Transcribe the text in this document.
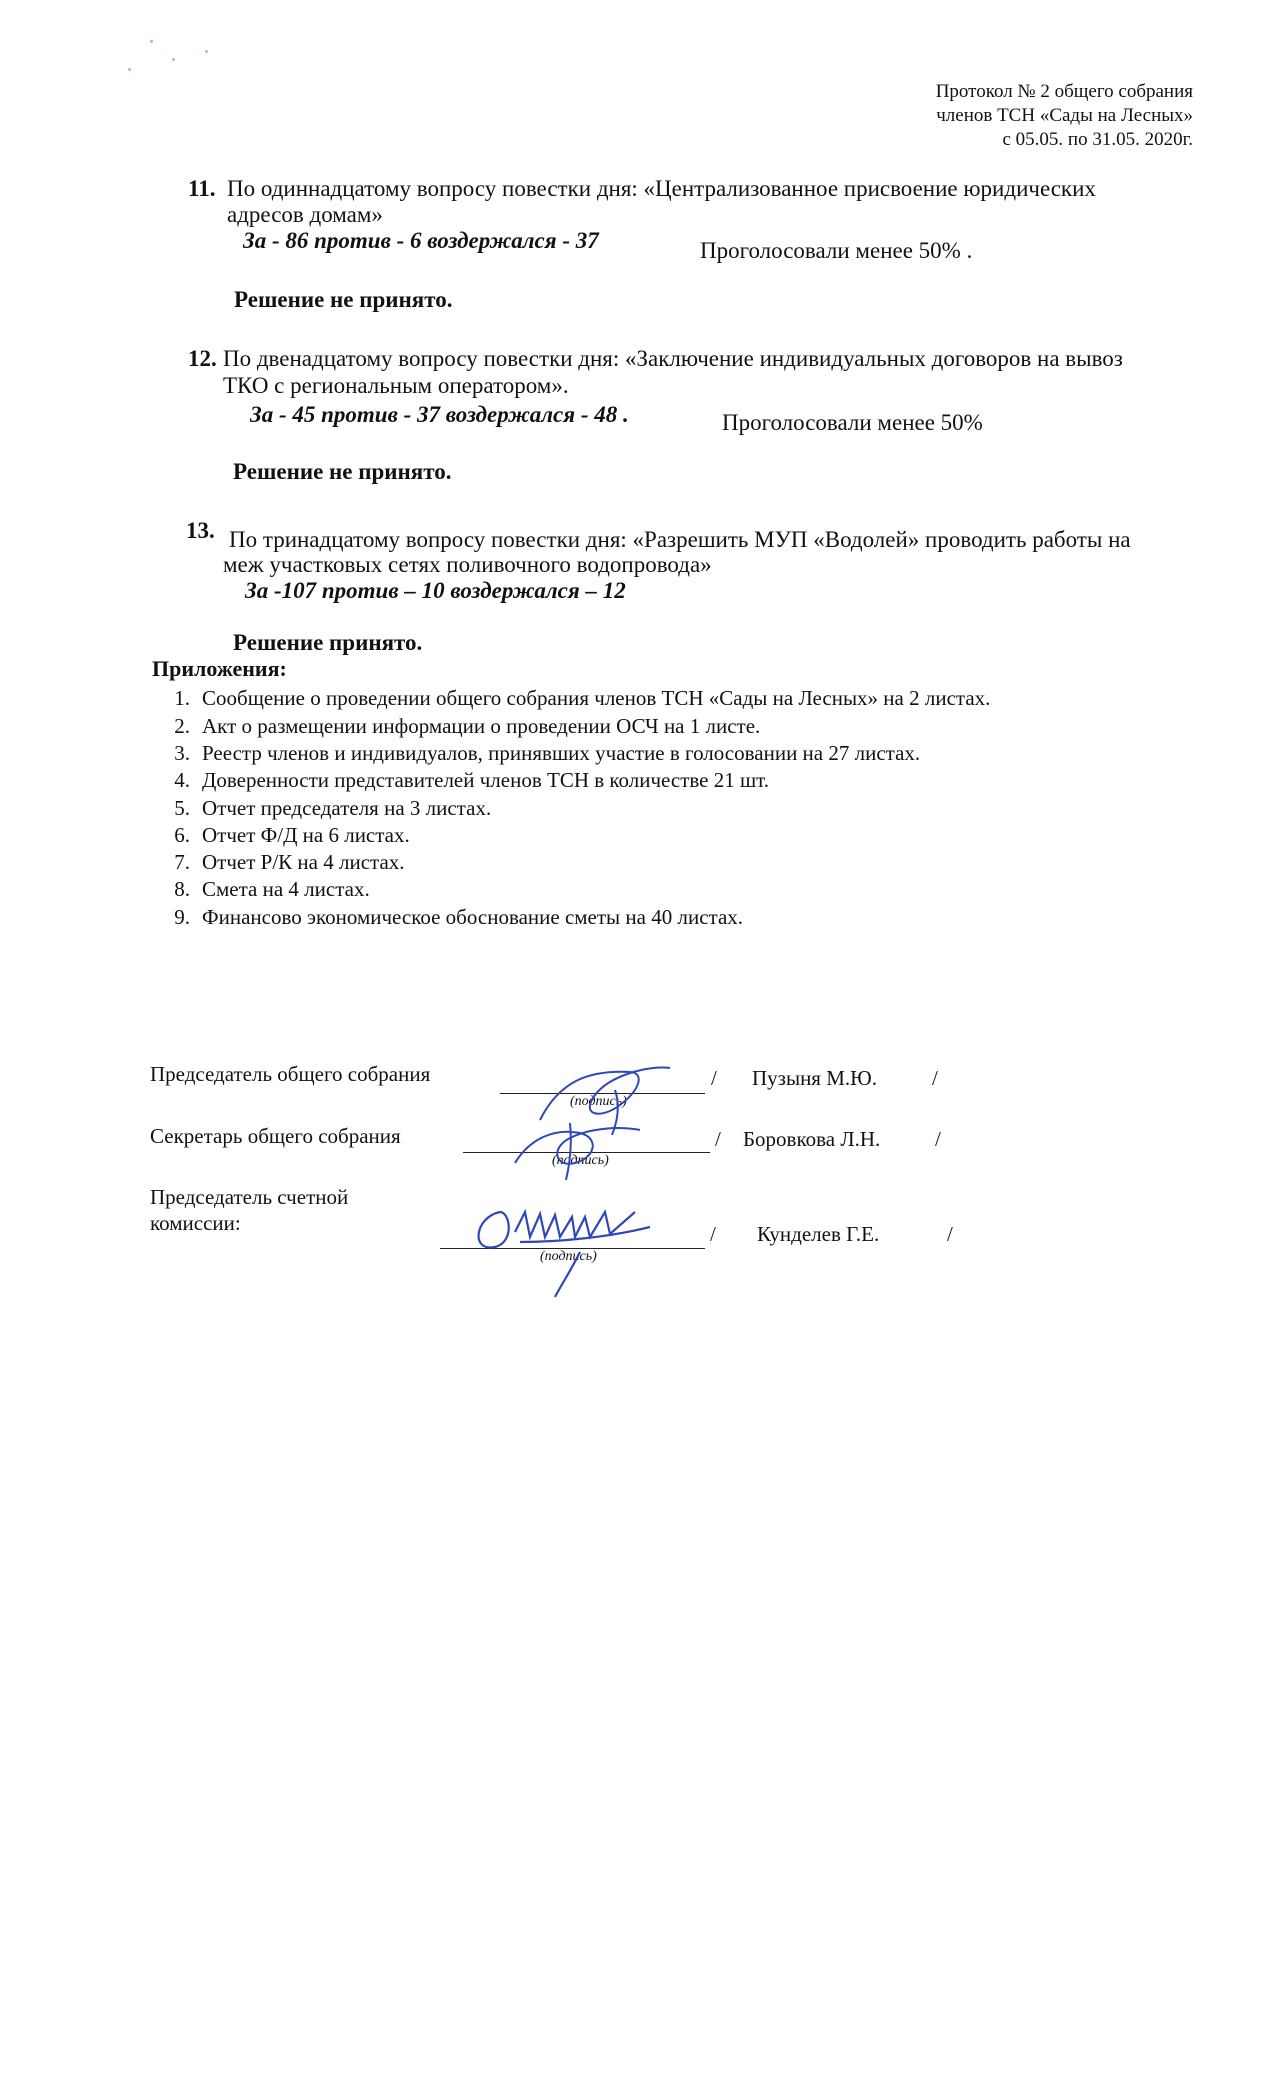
Протокол № 2 общего собрания
членов ТСН «Сады на Лесных»
с 05.05. по 31.05. 2020г.
11. По одиннадцатому вопросу повестки дня: «Централизованное присвоение юридических
адресов домам»
За - 86 против - 6 воздержался - 37	Проголосовали менее 50% .
Решение не принято.
12. По двенадцатому вопросу повестки дня: «Заключение индивидуальных договоров на вывоз
ТКО с региональным оператором».
За - 45 против - 37 воздержался - 48 .	Проголосовали менее 50%
Решение не принято.
13. По тринадцатому вопросу повестки дня: «Разрешить МУП «Водолей» проводить работы на
меж участковых сетях поливочного водопровода»
За -107 против – 10 воздержался – 12
Решение принято.
Приложения:
1. Сообщение о проведении общего собрания членов ТСН «Сады на Лесных» на 2 листах.
2. Акт о размещении информации о проведении ОСЧ на 1 листе.
3. Реестр членов и индивидуалов, принявших участие в голосовании на 27 листах.
4. Доверенности представителей членов ТСН в количестве 21 шт.
5. Отчет председателя на 3 листах.
6. Отчет Ф/Д на 6 листах.
7. Отчет Р/К на 4 листах.
8. Смета на 4 листах.
9. Финансово экономическое обоснование сметы на 40 листах.
Председатель общего собрания
(подпись)
/ Пузыня М.Ю.	/
Секретарь общего собрания
(подпись)
/ Боровкова Л.Н.	/
Председатель счетной
комиссии:
(подпись)
/ Кунделев Г.Е.	/
